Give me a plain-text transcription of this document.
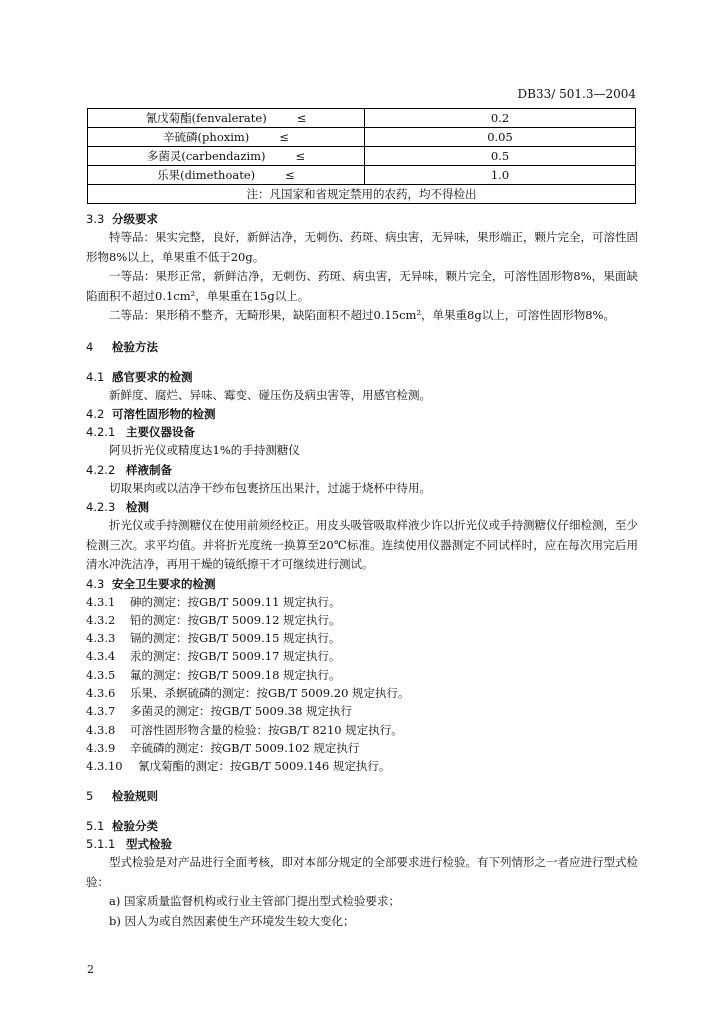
DB33/ 501.3—2004
氰戊菊酯(fenvalerate) ≤	0.2

辛硫磷(phoxim) ≤	0.05

多菌灵(carbendazim) ≤	0.5

乐果(dimethoate) ≤	1.0
注：凡国家和省规定禁用的农药，均不得检出	

3.3 分级要求

特等品：果实完整，良好，新鲜洁净，无刺伤、药斑、病虫害，无异味，果形端正，颗片完全，可溶性固形物8%以上，单果重不低于20g。

一等品：果形正常，新鲜洁净，无刺伤、药斑、病虫害，无异味，颗片完全，可溶性固形物8%，果面缺陷面积不超过0.1cm²，单果重在15g以上。

二等品：果形稍不整齐，无畸形果，缺陷面积不超过0.15cm²，单果重8g以上，可溶性固形物8%。

4 检验方法

4.1 感官要求的检测

新鲜度、腐烂、异味、霉变、碰压伤及病虫害等，用感官检测。

4.2 可溶性固形物的检测

4.2.1 主要仪器设备

阿贝折光仪或精度达1%的手持测糖仪

4.2.2 样液制备

切取果肉或以洁净干纱布包裹挤压出果汁，过滤于烧杯中待用。

4.2.3 检测

折光仪或手持测糖仪在使用前须经校正。用皮头吸管吸取样液少许以折光仪或手持测糖仪仔细检测，至少检测三次。求平均值。并将折光度统一换算至20℃标准。连续使用仪器测定不同试样时，应在每次用完后用清水冲洗洁净，再用干燥的镜纸擦干才可继续进行测试。

4.3 安全卫生要求的检测

4.3.1 砷的测定：按GB/T 5009.11 规定执行。

4.3.2 铅的测定：按GB/T 5009.12 规定执行。

4.3.3 镉的测定：按GB/T 5009.15 规定执行。

4.3.4 汞的测定：按GB/T 5009.17 规定执行。

4.3.5 氟的测定：按GB/T 5009.18 规定执行。

4.3.6 乐果、杀螟硫磷的测定：按GB/T 5009.20 规定执行。

4.3.7 多菌灵的测定：按GB/T 5009.38 规定执行

4.3.8 可溶性固形物含量的检验：按GB/T 8210 规定执行。

4.3.9 辛硫磷的测定：按GB/T 5009.102 规定执行

4.3.10 氰戊菊酯的测定：按GB/T 5009.146 规定执行。

5 检验规则

5.1 检验分类

5.1.1 型式检验

型式检验是对产品进行全面考核，即对本部分规定的全部要求进行检验。有下列情形之一者应进行型式检验：

a) 国家质量监督机构或行业主管部门提出型式检验要求；

b) 因人为或自然因素使生产环境发生较大变化；

2
